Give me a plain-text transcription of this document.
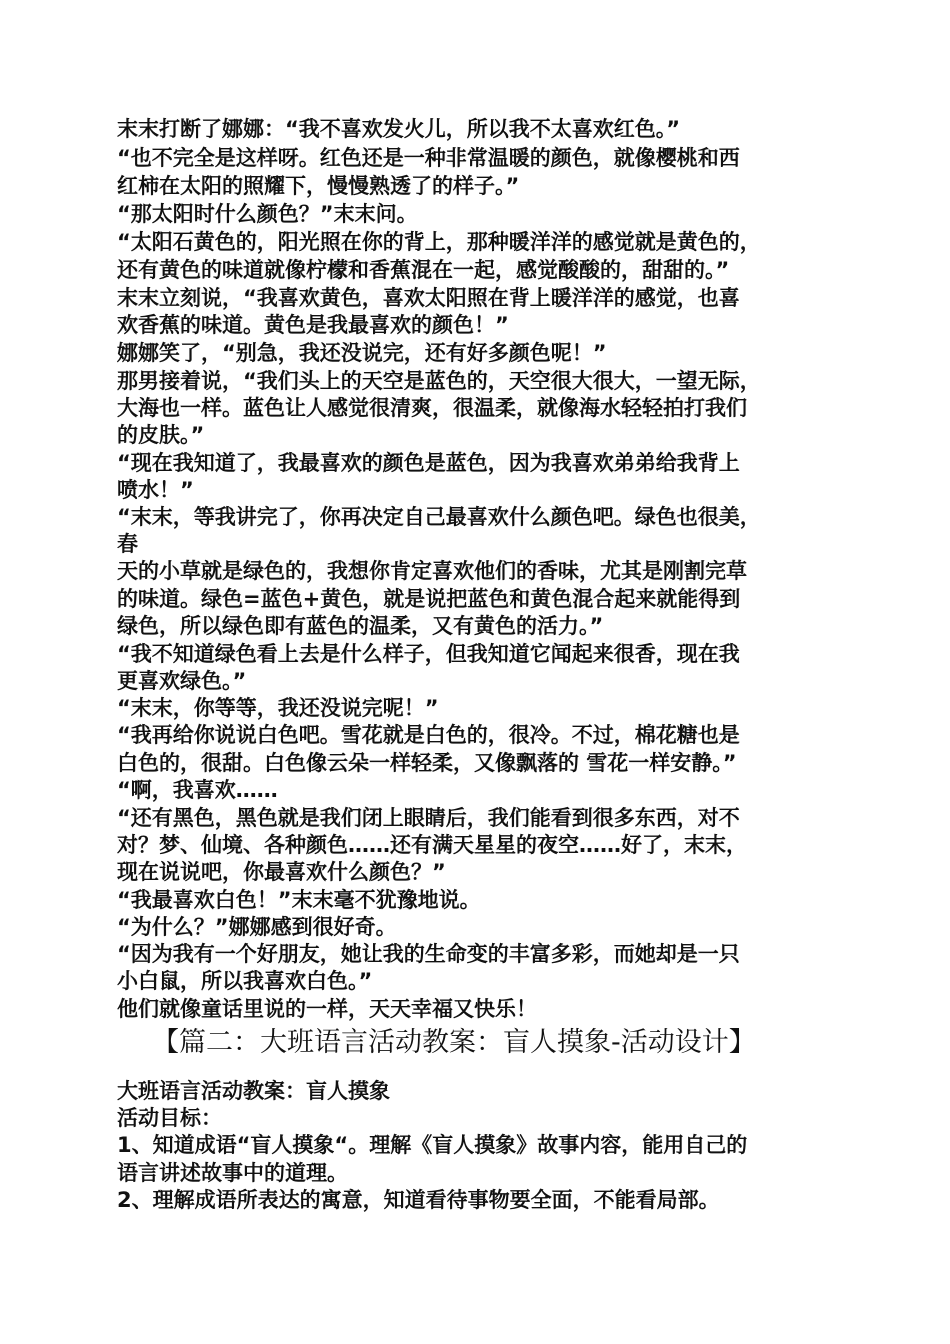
末末打断了娜娜：“我不喜欢发火儿，所以我不太喜欢红色。”
“也不完全是这样呀。红色还是一种非常温暖的颜色，就像樱桃和西
红柿在太阳的照耀下，慢慢熟透了的样子。”
“那太阳时什么颜色？”末末问。
“太阳石黄色的，阳光照在你的背上，那种暖洋洋的感觉就是黄色的，
还有黄色的味道就像柠檬和香蕉混在一起，感觉酸酸的，甜甜的。”
末末立刻说，“我喜欢黄色，喜欢太阳照在背上暖洋洋的感觉，也喜
欢香蕉的味道。黄色是我最喜欢的颜色！”
娜娜笑了，“别急，我还没说完，还有好多颜色呢！”
那男接着说，“我们头上的天空是蓝色的，天空很大很大，一望无际，
大海也一样。蓝色让人感觉很清爽，很温柔，就像海水轻轻拍打我们
的皮肤。”
“现在我知道了，我最喜欢的颜色是蓝色，因为我喜欢弟弟给我背上
喷水！”
“末末，等我讲完了，你再决定自己最喜欢什么颜色吧。绿色也很美，
春
天的小草就是绿色的，我想你肯定喜欢他们的香味，尤其是刚割完草
的味道。绿色=蓝色+黄色，就是说把蓝色和黄色混合起来就能得到
绿色，所以绿色即有蓝色的温柔，又有黄色的活力。”
“我不知道绿色看上去是什么样子，但我知道它闻起来很香，现在我
更喜欢绿色。”
“末末，你等等，我还没说完呢！”
“我再给你说说白色吧。雪花就是白色的，很冷。不过，棉花糖也是
白色的，很甜。白色像云朵一样轻柔，又像飘落的 雪花一样安静。”
“啊，我喜欢……
“还有黑色，黑色就是我们闭上眼睛后，我们能看到很多东西，对不
对？梦、仙境、各种颜色……还有满天星星的夜空……好了，末末，
现在说说吧，你最喜欢什么颜色？”
“我最喜欢白色！”末末毫不犹豫地说。
“为什么？”娜娜感到很好奇。
“因为我有一个好朋友，她让我的生命变的丰富多彩，而她却是一只
小白鼠，所以我喜欢白色。”
他们就像童话里说的一样，天天幸福又快乐！
【篇二：大班语言活动教案：盲人摸象-活动设计】
大班语言活动教案：盲人摸象
活动目标：
1、知道成语“盲人摸象“。理解《盲人摸象》故事内容，能用自己的
语言讲述故事中的道理。
2、理解成语所表达的寓意，知道看待事物要全面，不能看局部。
